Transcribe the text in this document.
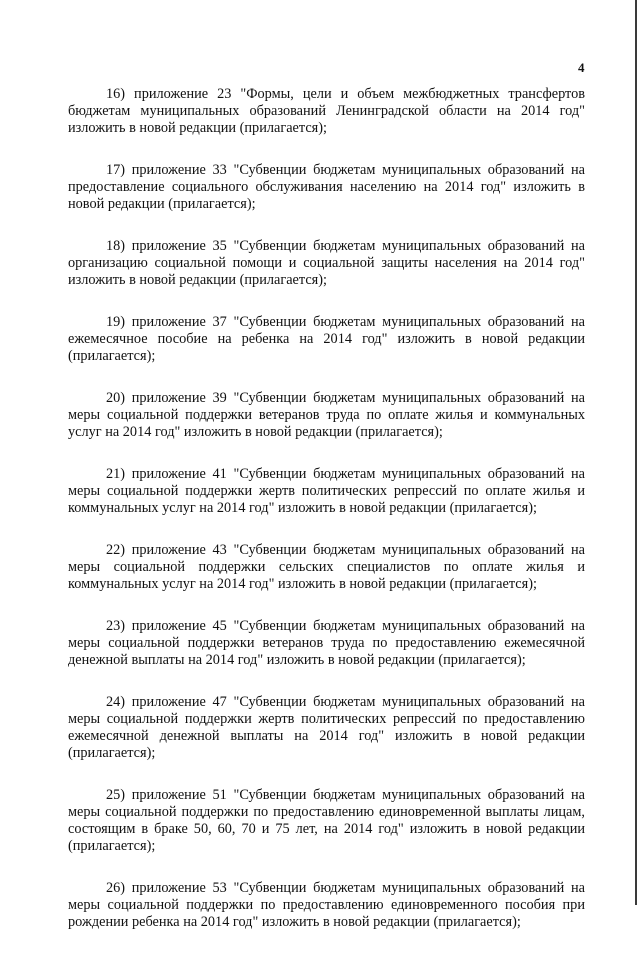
4

16) приложение 23 "Формы, цели и объем межбюджетных трансфертов бюджетам муниципальных образований Ленинградской области на 2014 год" изложить в новой редакции (прилагается);

17) приложение 33 "Субвенции бюджетам муниципальных образований на предоставление социального обслуживания населению на 2014 год" изложить в новой редакции (прилагается);

18) приложение 35 "Субвенции бюджетам муниципальных образований на организацию социальной помощи и социальной защиты населения на 2014 год" изложить в новой редакции (прилагается);

19) приложение 37 "Субвенции бюджетам муниципальных образований на ежемесячное пособие на ребенка на 2014 год" изложить в новой редакции (прилагается);

20) приложение 39 "Субвенции бюджетам муниципальных образований на меры социальной поддержки ветеранов труда по оплате жилья и коммунальных услуг на 2014 год" изложить в новой редакции (прилагается);

21) приложение 41 "Субвенции бюджетам муниципальных образований на меры социальной поддержки жертв политических репрессий по оплате жилья и коммунальных услуг на 2014 год" изложить в новой редакции (прилагается);

22) приложение 43 "Субвенции бюджетам муниципальных образований на меры социальной поддержки сельских специалистов по оплате жилья и коммунальных услуг на 2014 год" изложить в новой редакции (прилагается);

23) приложение 45 "Субвенции бюджетам муниципальных образований на меры социальной поддержки ветеранов труда по предоставлению ежемесячной денежной выплаты на 2014 год" изложить в новой редакции (прилагается);

24) приложение 47 "Субвенции бюджетам муниципальных образований на меры социальной поддержки жертв политических репрессий по предоставлению ежемесячной денежной выплаты на 2014 год" изложить в новой редакции (прилагается);

25) приложение 51 "Субвенции бюджетам муниципальных образований на меры социальной поддержки по предоставлению единовременной выплаты лицам, состоящим в браке 50, 60, 70 и 75 лет, на 2014 год" изложить в новой редакции (прилагается);

26) приложение 53 "Субвенции бюджетам муниципальных образований на меры социальной поддержки по предоставлению единовременного пособия при рождении ребенка на 2014 год" изложить в новой редакции (прилагается);
